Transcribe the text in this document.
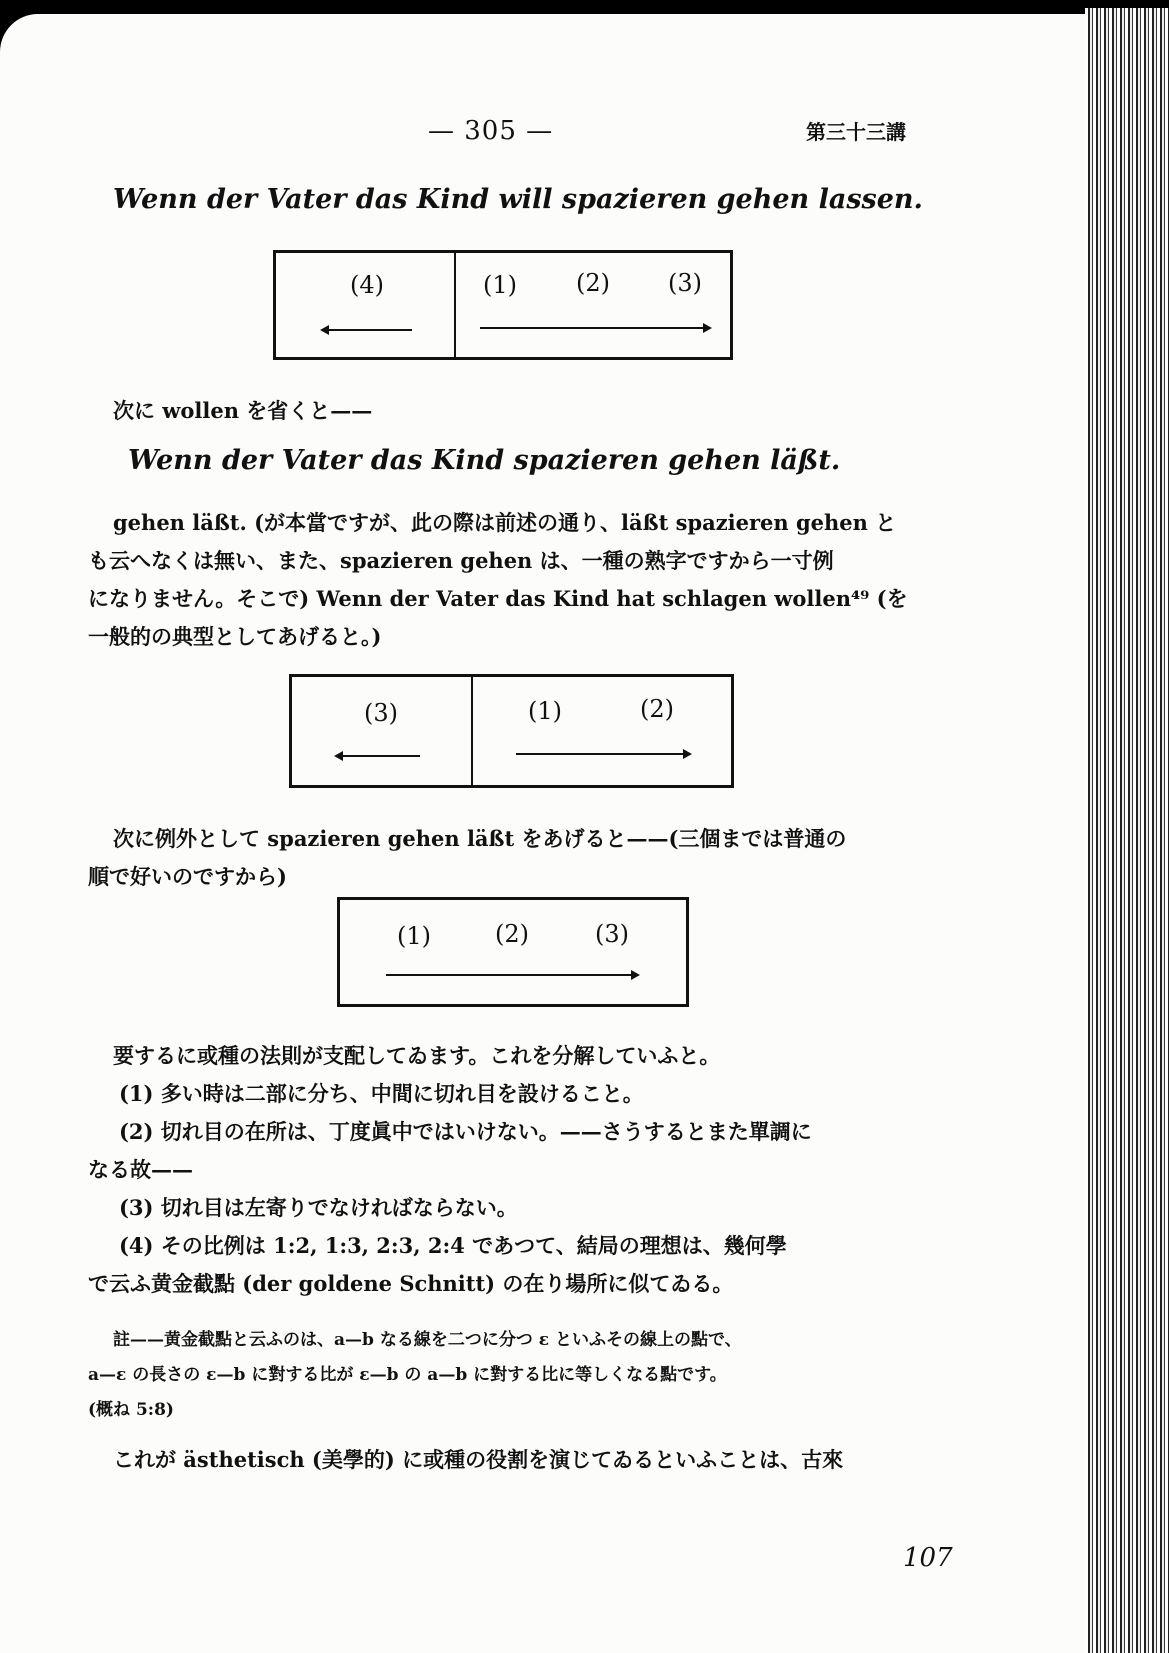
— 305 —	第三十三講
Wenn der Vater das Kind will spazieren gehen lassen.
(4)	(1) (2) (3)
次に wollen を省くと——
Wenn der Vater das Kind spazieren gehen läßt.
gehen läßt. (が本當ですが、此の際は前述の通り、läßt spazieren gehen と
も云へなくは無い、また、spazieren gehen は、一種の熟字ですから一寸例
になりません。そこで) Wenn der Vater das Kind hat schlagen wollen⁴⁹ (を
一般的の典型としてあげると。)
(3)	(1)	(2)
次に例外として spazieren gehen läßt をあげると——(三個までは普通の
順で好いのですから)
(1)	(2)	(3)
要するに或種の法則が支配してゐます。これを分解していふと。
(1) 多い時は二部に分ち、中間に切れ目を設けること。
(2) 切れ目の在所は、丁度眞中ではいけない。——さうするとまた單調に
なる故——
(3) 切れ目は左寄りでなければならない。
(4) その比例は 1:2, 1:3, 2:3, 2:4 であつて、結局の理想は、幾何學
で云ふ黄金截點 (der goldene Schnitt) の在り場所に似てゐる。
註——黄金截點と云ふのは、a—b なる線を二つに分つ ε といふその線上の點で、
a—ε の長さの ε—b に對する比が ε—b の a—b に對する比に等しくなる點です。
(概ね 5:8)
これが ästhetisch (美學的) に或種の役割を演じてゐるといふことは、古來
107
